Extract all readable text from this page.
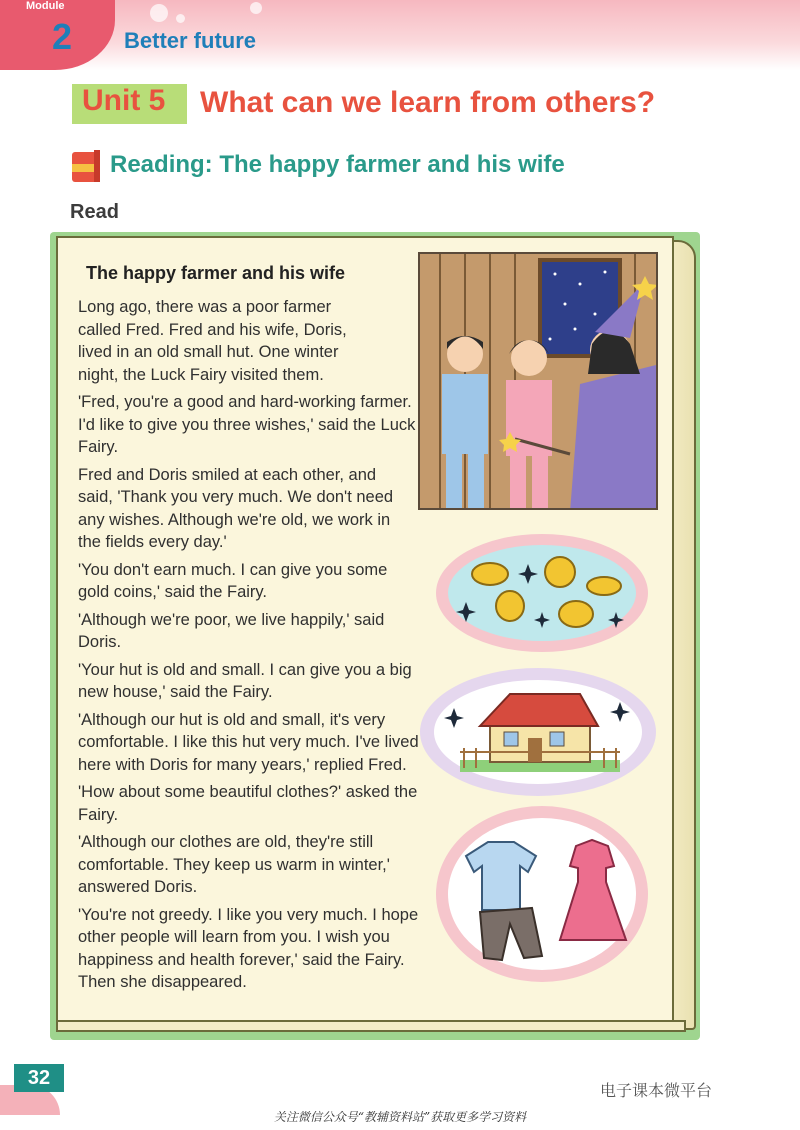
Module
2 Better future
Unit 5 What can we learn from others?
Reading: The happy farmer and his wife
Read
The happy farmer and his wife

Long ago, there was a poor farmer called Fred. Fred and his wife, Doris, lived in an old small hut. One winter night, the Luck Fairy visited them.

'Fred, you're a good and hard-working farmer. I'd like to give you three wishes,' said the Luck Fairy.

Fred and Doris smiled at each other, and said, 'Thank you very much. We don't need any wishes. Although we're old, we work in the fields every day.'

'You don't earn much. I can give you some gold coins,' said the Fairy.

'Although we're poor, we live happily,' said Doris.

'Your hut is old and small. I can give you a big new house,' said the Fairy.

'Although our hut is old and small, it's very comfortable. I like this hut very much. I've lived here with Doris for many years,' replied Fred.

'How about some beautiful clothes?' asked the Fairy.

'Although our clothes are old, they're still comfortable. They keep us warm in winter,' answered Doris.

'You're not greedy. I like you very much. I hope other people will learn from you. I wish you happiness and health forever,' said the Fairy. Then she disappeared.

32
电子课本微平台
关注微信公众号“教辅资料站”获取更多学习资料
